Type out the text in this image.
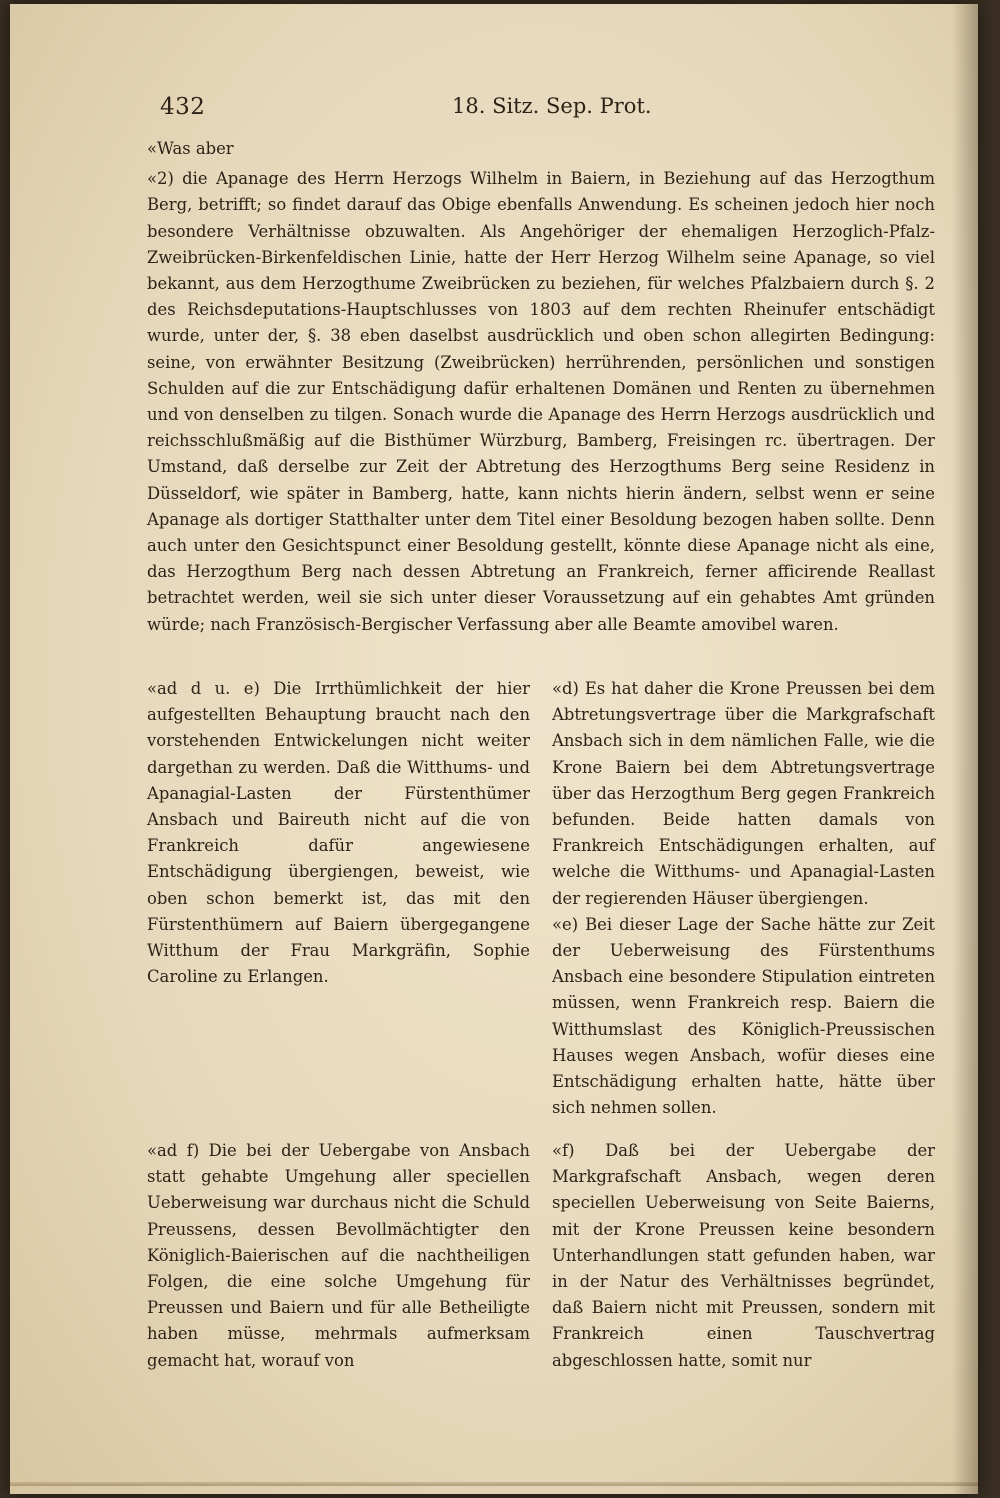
432	18. Sitz. Sep. Prot.

«Was aber

«2) die Apanage des Herrn Herzogs Wilhelm in Baiern, in Beziehung auf das Herzogthum Berg, betrifft; so findet darauf das Obige ebenfalls Anwendung. Es scheinen jedoch hier noch besondere Verhältnisse obzuwalten. Als Angehöriger der ehemaligen Herzoglich-Pfalz-Zweibrücken-Birkenfeldischen Linie, hatte der Herr Herzog Wilhelm seine Apanage, so viel bekannt, aus dem Herzogthume Zweibrücken zu beziehen, für welches Pfalzbaiern durch §. 2 des Reichsdeputations-Hauptschlusses von 1803 auf dem rechten Rheinufer entschädigt wurde, unter der, §. 38 eben daselbst ausdrücklich und oben schon allegirten Bedingung: seine, von erwähnter Besitzung (Zweibrücken) herrührenden, persönlichen und sonstigen Schulden auf die zur Entschädigung dafür erhaltenen Domänen und Renten zu übernehmen und von denselben zu tilgen. Sonach wurde die Apanage des Herrn Herzogs ausdrücklich und reichsschlußmäßig auf die Bisthümer Würzburg, Bamberg, Freisingen rc. übertragen. Der Umstand, daß derselbe zur Zeit der Abtretung des Herzogthums Berg seine Residenz in Düsseldorf, wie später in Bamberg, hatte, kann nichts hierin ändern, selbst wenn er seine Apanage als dortiger Statthalter unter dem Titel einer Besoldung bezogen haben sollte. Denn auch unter den Gesichtspunct einer Besoldung gestellt, könnte diese Apanage nicht als eine, das Herzogthum Berg nach dessen Abtretung an Frankreich, ferner afficirende Reallast betrachtet werden, weil sie sich unter dieser Voraussetzung auf ein gehabtes Amt gründen würde; nach Französisch-Bergischer Verfassung aber alle Beamte amovibel waren.

«ad d u. e) Die Irrthümlichkeit der hier aufgestellten Behauptung braucht nach den vorstehenden Entwickelungen nicht weiter dargethan zu werden. Daß die Witthums- und Apanagial-Lasten der Fürstenthümer Ansbach und Baireuth nicht auf die von Frankreich dafür angewiesene Entschädigung übergiengen, beweist, wie oben schon bemerkt ist, das mit den Fürstenthümern auf Baiern übergegangene Witthum der Frau Markgräfin, Sophie Caroline zu Erlangen.

«d) Es hat daher die Krone Preussen bei dem Abtretungsvertrage über die Markgrafschaft Ansbach sich in dem nämlichen Falle, wie die Krone Baiern bei dem Abtretungsvertrage über das Herzogthum Berg gegen Frankreich befunden. Beide hatten damals von Frankreich Entschädigungen erhalten, auf welche die Witthums- und Apanagial-Lasten der regierenden Häuser übergiengen.

«e) Bei dieser Lage der Sache hätte zur Zeit der Ueberweisung des Fürstenthums Ansbach eine besondere Stipulation eintreten müssen, wenn Frankreich resp. Baiern die Witthumslast des Königlich-Preussischen Hauses wegen Ansbach, wofür dieses eine Entschädigung erhalten hatte, hätte über sich nehmen sollen.

«ad f) Die bei der Uebergabe von Ansbach statt gehabte Umgehung aller speciellen Ueberweisung war durchaus nicht die Schuld Preussens, dessen Bevollmächtigter den Königlich-Baierischen auf die nachtheiligen Folgen, die eine solche Umgehung für Preussen und Baiern und für alle Betheiligte haben müsse, mehrmals aufmerksam gemacht hat, worauf von

«f) Daß bei der Uebergabe der Markgrafschaft Ansbach, wegen deren speciellen Ueberweisung von Seite Baierns, mit der Krone Preussen keine besondern Unterhandlungen statt gefunden haben, war in der Natur des Verhältnisses begründet, daß Baiern nicht mit Preussen, sondern mit Frankreich einen Tauschvertrag abgeschlossen hatte, somit nur
